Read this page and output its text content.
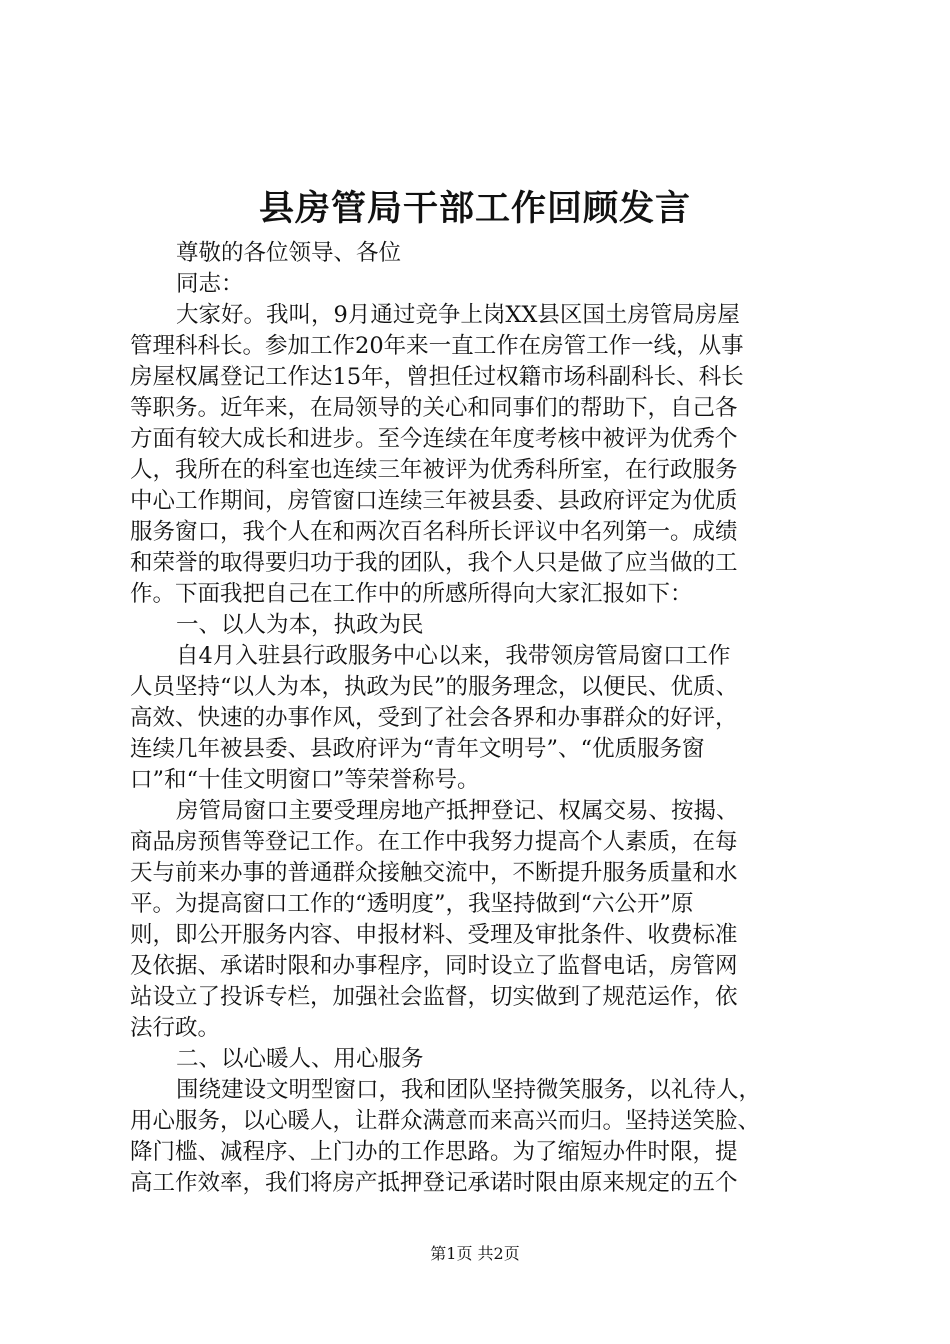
县房管局干部工作回顾发言
尊敬的各位领导、各位
同志：
大家好。我叫，9月通过竞争上岗XX县区国土房管局房屋
管理科科长。参加工作20年来一直工作在房管工作一线，从事
房屋权属登记工作达15年，曾担任过权籍市场科副科长、科长
等职务。近年来，在局领导的关心和同事们的帮助下，自己各
方面有较大成长和进步。至今连续在年度考核中被评为优秀个
人，我所在的科室也连续三年被评为优秀科所室，在行政服务
中心工作期间，房管窗口连续三年被县委、县政府评定为优质
服务窗口，我个人在和两次百名科所长评议中名列第一。成绩
和荣誉的取得要归功于我的团队，我个人只是做了应当做的工
作。下面我把自己在工作中的所感所得向大家汇报如下：
一、以人为本，执政为民
自4月入驻县行政服务中心以来，我带领房管局窗口工作
人员坚持“以人为本，执政为民”的服务理念，以便民、优质、
高效、快速的办事作风，受到了社会各界和办事群众的好评，
连续几年被县委、县政府评为“青年文明号”、“优质服务窗
口”和“十佳文明窗口”等荣誉称号。
房管局窗口主要受理房地产抵押登记、权属交易、按揭、
商品房预售等登记工作。在工作中我努力提高个人素质，在每
天与前来办事的普通群众接触交流中，不断提升服务质量和水
平。为提高窗口工作的“透明度”，我坚持做到“六公开”原
则，即公开服务内容、申报材料、受理及审批条件、收费标准
及依据、承诺时限和办事程序，同时设立了监督电话，房管网
站设立了投诉专栏，加强社会监督，切实做到了规范运作，依
法行政。
二、以心暖人、用心服务
围绕建设文明型窗口，我和团队坚持微笑服务，以礼待人，
用心服务，以心暖人，让群众满意而来高兴而归。坚持送笑脸、
降门槛、减程序、上门办的工作思路。为了缩短办件时限，提
高工作效率，我们将房产抵押登记承诺时限由原来规定的五个
第1页 共2页
